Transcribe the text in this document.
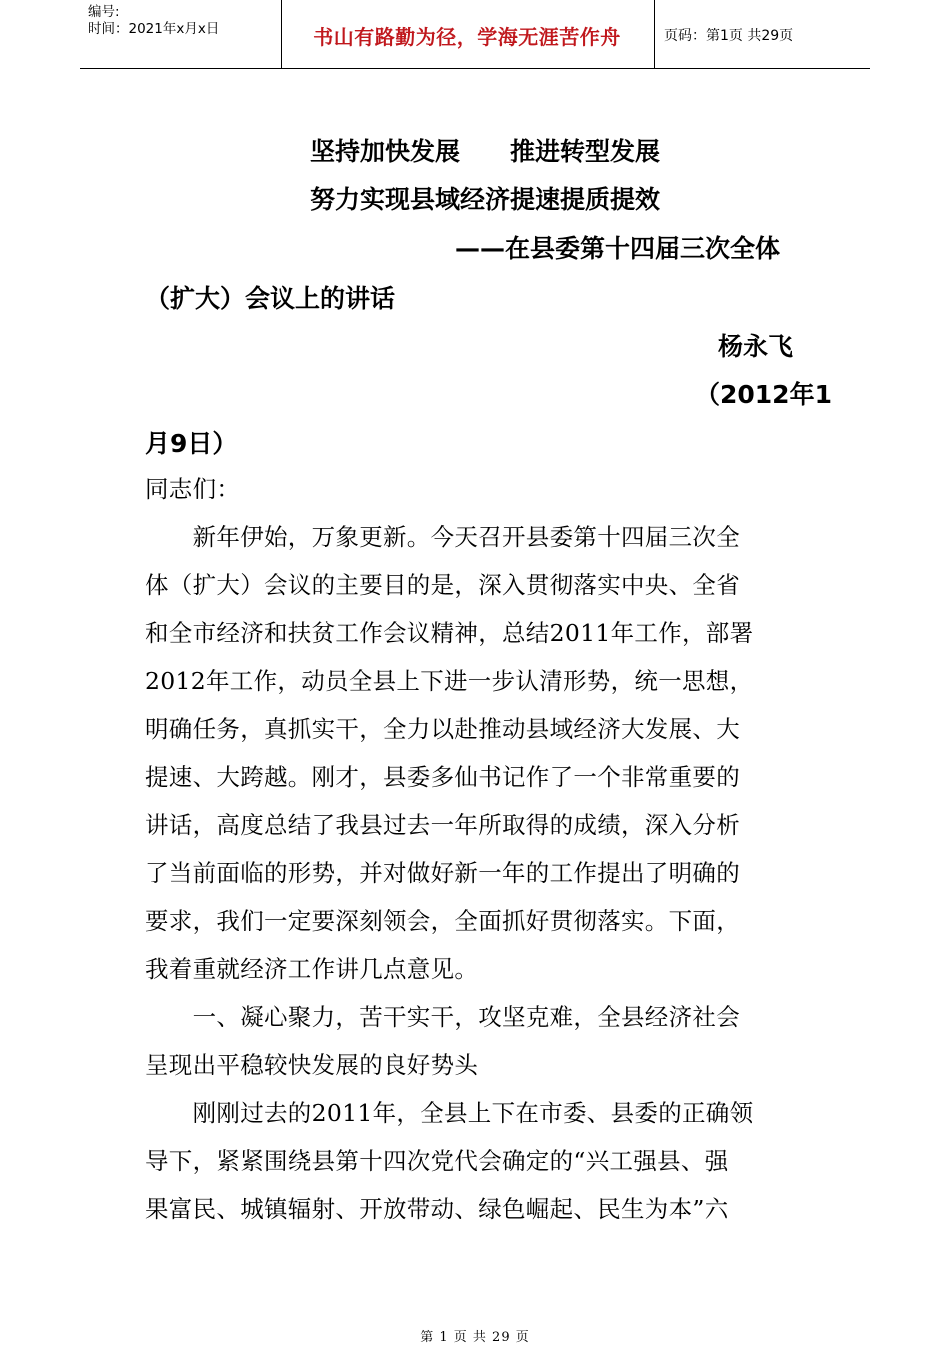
编号:
时间：2021年x月x日	书山有路勤为径，学海无涯苦作舟	页码：第1页 共29页
坚持加快发展　　推进转型发展
努力实现县域经济提速提质提效
——在县委第十四届三次全体
（扩大）会议上的讲话
杨永飞
（2012年1
月9日）
同志们：
　　新年伊始，万象更新。今天召开县委第十四届三次全
体（扩大）会议的主要目的是，深入贯彻落实中央、全省
和全市经济和扶贫工作会议精神，总结2011年工作，部署
2012年工作，动员全县上下进一步认清形势，统一思想，
明确任务，真抓实干，全力以赴推动县域经济大发展、大
提速、大跨越。刚才，县委多仙书记作了一个非常重要的
讲话，高度总结了我县过去一年所取得的成绩，深入分析
了当前面临的形势，并对做好新一年的工作提出了明确的
要求，我们一定要深刻领会，全面抓好贯彻落实。下面，
我着重就经济工作讲几点意见。
　　一、凝心聚力，苦干实干，攻坚克难，全县经济社会
呈现出平稳较快发展的良好势头
　　刚刚过去的2011年，全县上下在市委、县委的正确领
导下，紧紧围绕县第十四次党代会确定的“兴工强县、强
果富民、城镇辐射、开放带动、绿色崛起、民生为本”六
第 1 页 共 29 页
